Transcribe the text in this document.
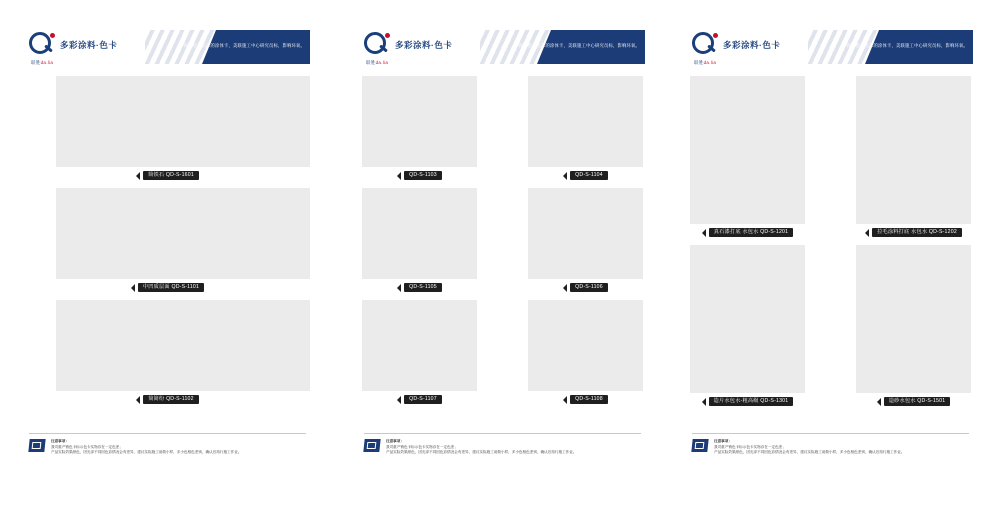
多彩涂料·色卡
联胜da.lia
环保耐花无铅苯的涂体卡，美联施工中心研究员标，影响环氧。
简铁石 QD-S-1601
中凹质层面 QD-S-1101
简简纷 QD-S-1102
注意事项：
我司重产销色卡标示色卡实物存在一定色差；
产品实际效果颜色，因光泽不同因色彩情况会有差异，建议实际施工前做小样，多小色相色差别，确认后再行施工作业。
多彩涂料·色卡
联胜da.lia
环保耐花无铅苯的涂体卡，美联施工中心研究员标，影响环氧。
QD-S-1103	QD-S-1104
QD-S-1105	QD-S-1106
QD-S-1107	QD-S-1108
注意事项：
我司重产销色卡标示色卡实物存在一定色差；
产品实际效果颜色，因光泽不同因色彩情况会有差异，建议实际施工前做小样，多小色相色差别，确认后再行施工作业。
多彩涂料·色卡
联胜da.lia
环保耐花无铅苯的涂体卡，美联施工中心研究员标，影响环氧。
真石漆打底 水包水 QD-S-1201	拉毛涂料打底 水包水 QD-S-1202
造片水包水-粗高级 QD-S-1301	造砂水包水 QD-S-1501
注意事项：
我司重产销色卡标示色卡实物存在一定色差；
产品实际效果颜色，因光泽不同因色彩情况会有差异，建议实际施工前做小样，多小色相色差别，确认后再行施工作业。
